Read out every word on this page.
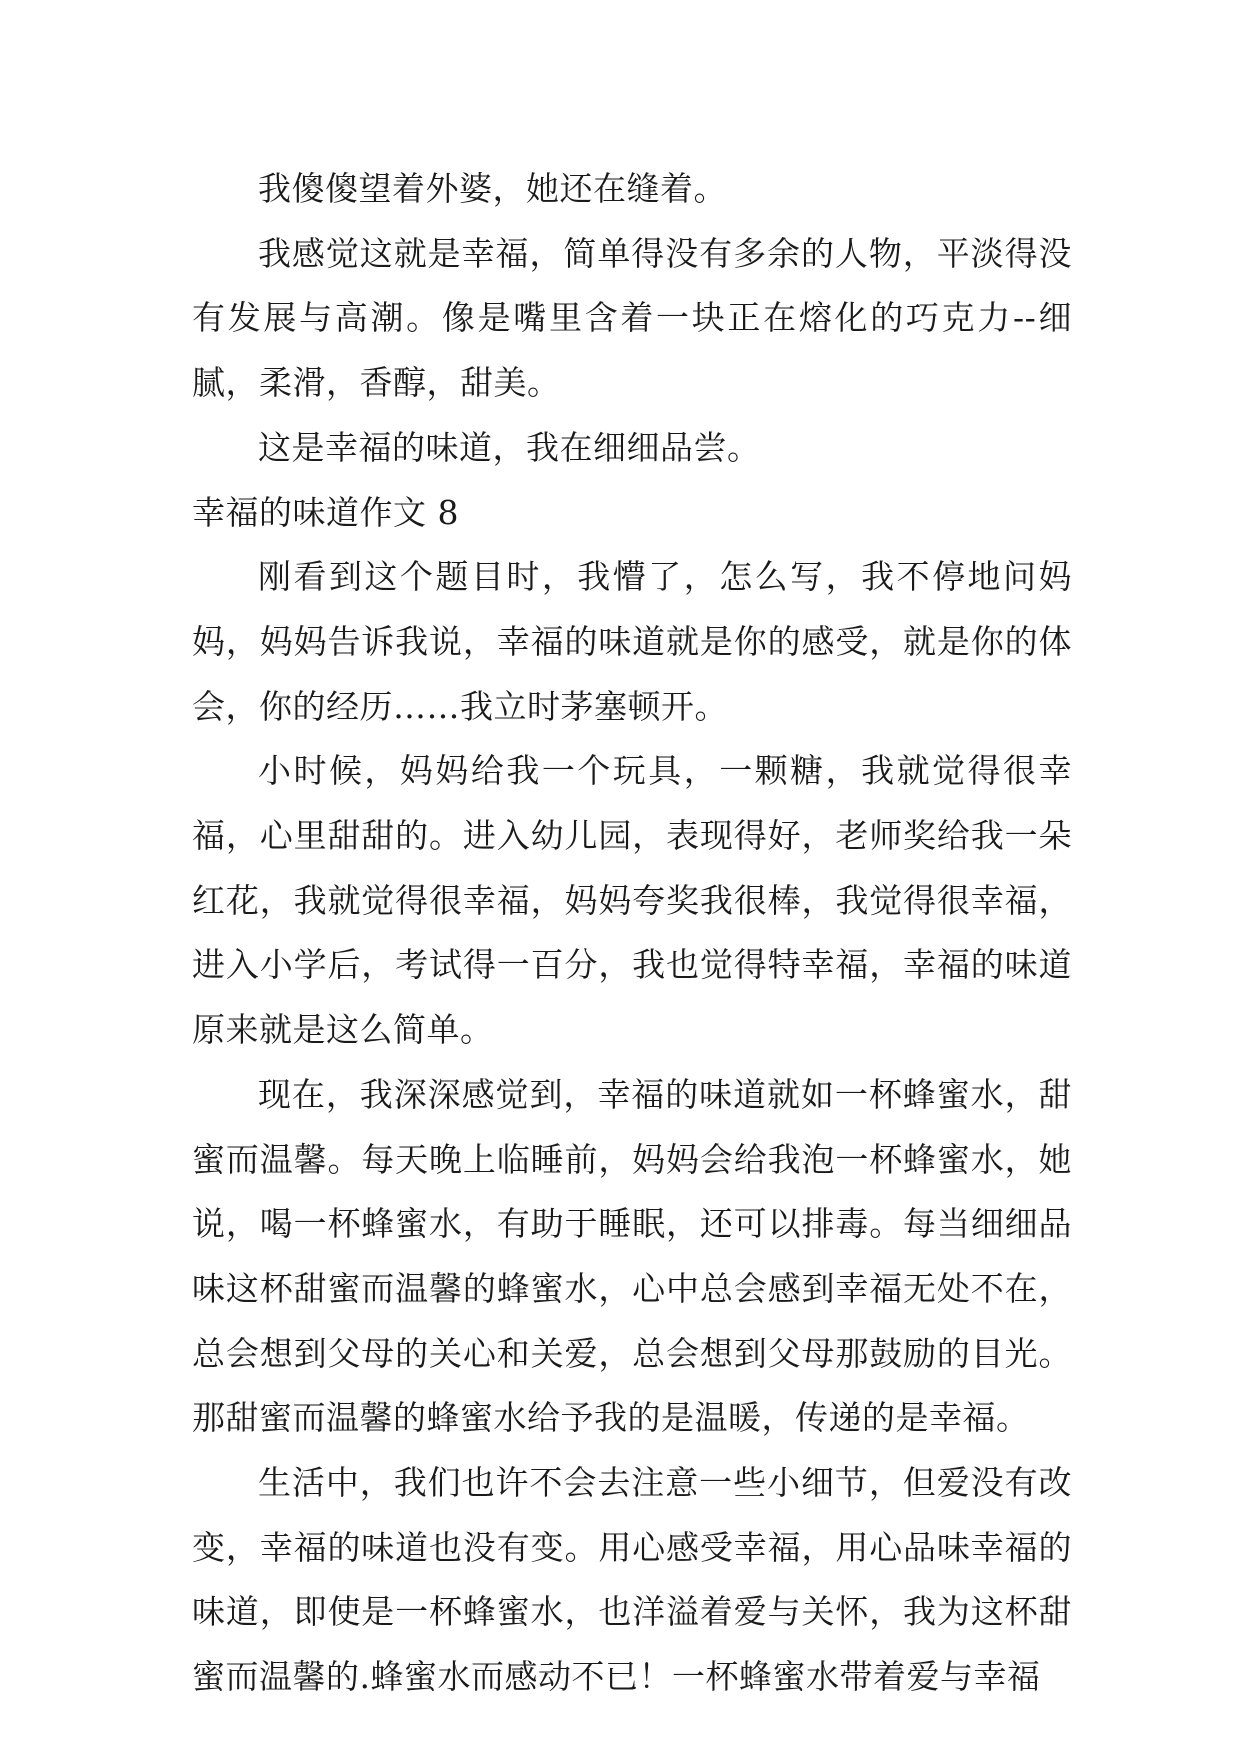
我傻傻望着外婆，她还在缝着。

我感觉这就是幸福，简单得没有多余的人物，平淡得没有发展与高潮。像是嘴里含着一块正在熔化的巧克力--细腻，柔滑，香醇，甜美。

这是幸福的味道，我在细细品尝。

幸福的味道作文 8

刚看到这个题目时，我懵了，怎么写，我不停地问妈妈，妈妈告诉我说，幸福的味道就是你的感受，就是你的体会，你的经历……我立时茅塞顿开。

小时候，妈妈给我一个玩具，一颗糖，我就觉得很幸福，心里甜甜的。进入幼儿园，表现得好，老师奖给我一朵红花，我就觉得很幸福，妈妈夸奖我很棒，我觉得很幸福，进入小学后，考试得一百分，我也觉得特幸福，幸福的味道原来就是这么简单。

现在，我深深感觉到，幸福的味道就如一杯蜂蜜水，甜蜜而温馨。每天晚上临睡前，妈妈会给我泡一杯蜂蜜水，她说，喝一杯蜂蜜水，有助于睡眠，还可以排毒。每当细细品味这杯甜蜜而温馨的蜂蜜水，心中总会感到幸福无处不在，总会想到父母的关心和关爱，总会想到父母那鼓励的目光。那甜蜜而温馨的蜂蜜水给予我的是温暖，传递的是幸福。

生活中，我们也许不会去注意一些小细节，但爱没有改变，幸福的味道也没有变。用心感受幸福，用心品味幸福的味道，即使是一杯蜂蜜水，也洋溢着爱与关怀，我为这杯甜蜜而温馨的.蜂蜜水而感动不已！一杯蜂蜜水带着爱与幸福
